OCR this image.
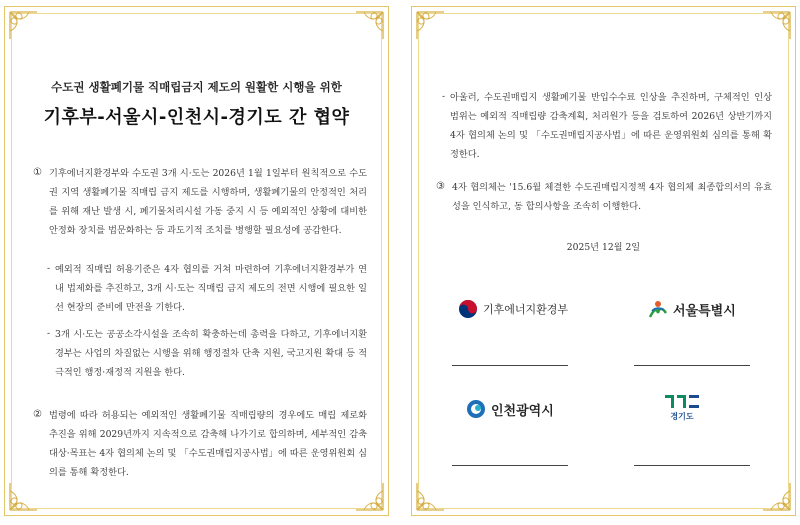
수도권 생활폐기물 직매립금지 제도의 원활한 시행을 위한
기후부-서울시-인천시-경기도 간 협약
① 기후에너지환경부와 수도권 3개 시·도는 2026년 1월 1일부터 원칙적으로 수도권 지역 생활폐기물 직매립 금지 제도를 시행하며, 생활폐기물의 안정적인 처리를 위해 재난 발생 시, 폐기물처리시설 가동 중지 시 등 예외적인 상황에 대비한 안정화 장치를 법문화하는 등 과도기적 조치를 병행할 필요성에 공감한다.
- 예외적 직매립 허용기준은 4자 협의를 거쳐 마련하여 기후에너지환경부가 연내 법제화를 추진하고, 3개 시·도는 직매립 금지 제도의 전면 시행에 필요한 일선 현장의 준비에 만전을 기한다.
- 3개 시·도는 공공소각시설을 조속히 확충하는데 총력을 다하고, 기후에너지환경부는 사업의 차질없는 시행을 위해 행정절차 단축 지원, 국고지원 확대 등 적극적인 행정·재정적 지원을 한다.
② 법령에 따라 허용되는 예외적인 생활폐기물 직매립량의 경우에도 매립 제로화 추진을 위해 2029년까지 지속적으로 감축해 나가기로 합의하며, 세부적인 감축 대상·목표는 4자 협의체 논의 및 「수도권매립지공사법」에 따른 운영위원회 심의를 통해 확정한다.
- 아울러, 수도권매립지 생활폐기물 반입수수료 인상을 추진하며, 구체적인 인상 범위는 예외적 직매립량 감축계획, 처리원가 등을 검토하여 2026년 상반기까지 4자 협의체 논의 및 「수도권매립지공사법」에 따른 운영위원회 심의를 통해 확정한다.
③ 4자 협의체는 '15.6월 체결한 수도권매립지정책 4자 협의체 최종합의서의 유효성을 인식하고, 동 합의사항을 조속히 이행한다.
2025년 12월 2일
기후에너지환경부	서울특별시
인천광역시	경기도
